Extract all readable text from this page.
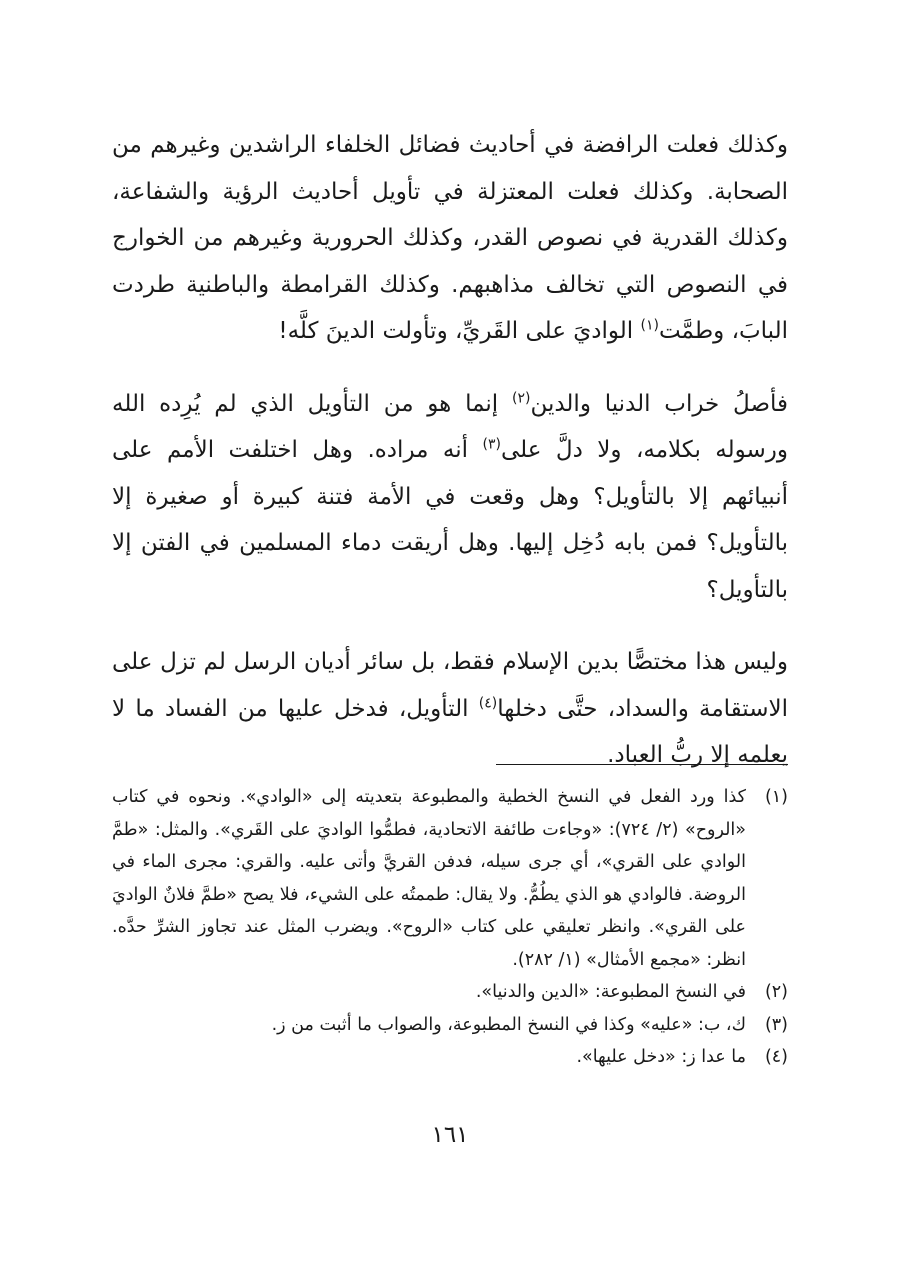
وكذلك فعلت الرافضة في أحاديث فضائل الخلفاء الراشدين وغيرهم من الصحابة. وكذلك فعلت المعتزلة في تأويل أحاديث الرؤية والشفاعة، وكذلك القدرية في نصوص القدر، وكذلك الحرورية وغيرهم من الخوارج في النصوص التي تخالف مذاهبهم. وكذلك القرامطة والباطنية طردت البابَ، وطمَّت$^{(١)}$ الواديَ على القَريِّ، وتأولت الدينَ كلَّه!

فأصلُ خراب الدنيا والدين$^{(٢)}$ إنما هو من التأويل الذي لم يُرِده الله ورسوله بكلامه، ولا دلَّ على$^{(٣)}$ أنه مراده. وهل اختلفت الأمم على أنبيائهم إلا بالتأويل؟ وهل وقعت في الأمة فتنة كبيرة أو صغيرة إلا بالتأويل؟ فمن بابه دُخِل إليها. وهل أريقت دماء المسلمين في الفتن إلا بالتأويل؟

وليس هذا مختصًّا بدين الإسلام فقط، بل سائر أديان الرسل لم تزل على الاستقامة والسداد، حتَّى دخلها$^{(٤)}$ التأويل، فدخل عليها من الفساد ما لا يعلمه إلا ربُّ العباد.

(١)
كذا ورد الفعل في النسخ الخطية والمطبوعة بتعديته إلى «الوادي». ونحوه في كتاب «الروح» (٢/ ٧٢٤): «وجاءت طائفة الاتحادية، فطمُّوا الواديَ على القَري». والمثل: «طمَّ الوادي على القري»، أي جرى سيله، فدفن القريَّ وأتى عليه. والقري: مجرى الماء في الروضة. فالوادي هو الذي يطُمُّ. ولا يقال: طممتُه على الشيء، فلا يصح «طمَّ فلانٌ الواديَ على القري». وانظر تعليقي على كتاب «الروح». ويضرب المثل عند تجاوز الشرِّ حدَّه. انظر: «مجمع الأمثال» (١/ ٢٨٢).
(٢)
في النسخ المطبوعة: «الدين والدنيا».
(٣)
ك، ب: «عليه» وكذا في النسخ المطبوعة، والصواب ما أثبت من ز.
(٤)
ما عدا ز: «دخل عليها».
١٦١
